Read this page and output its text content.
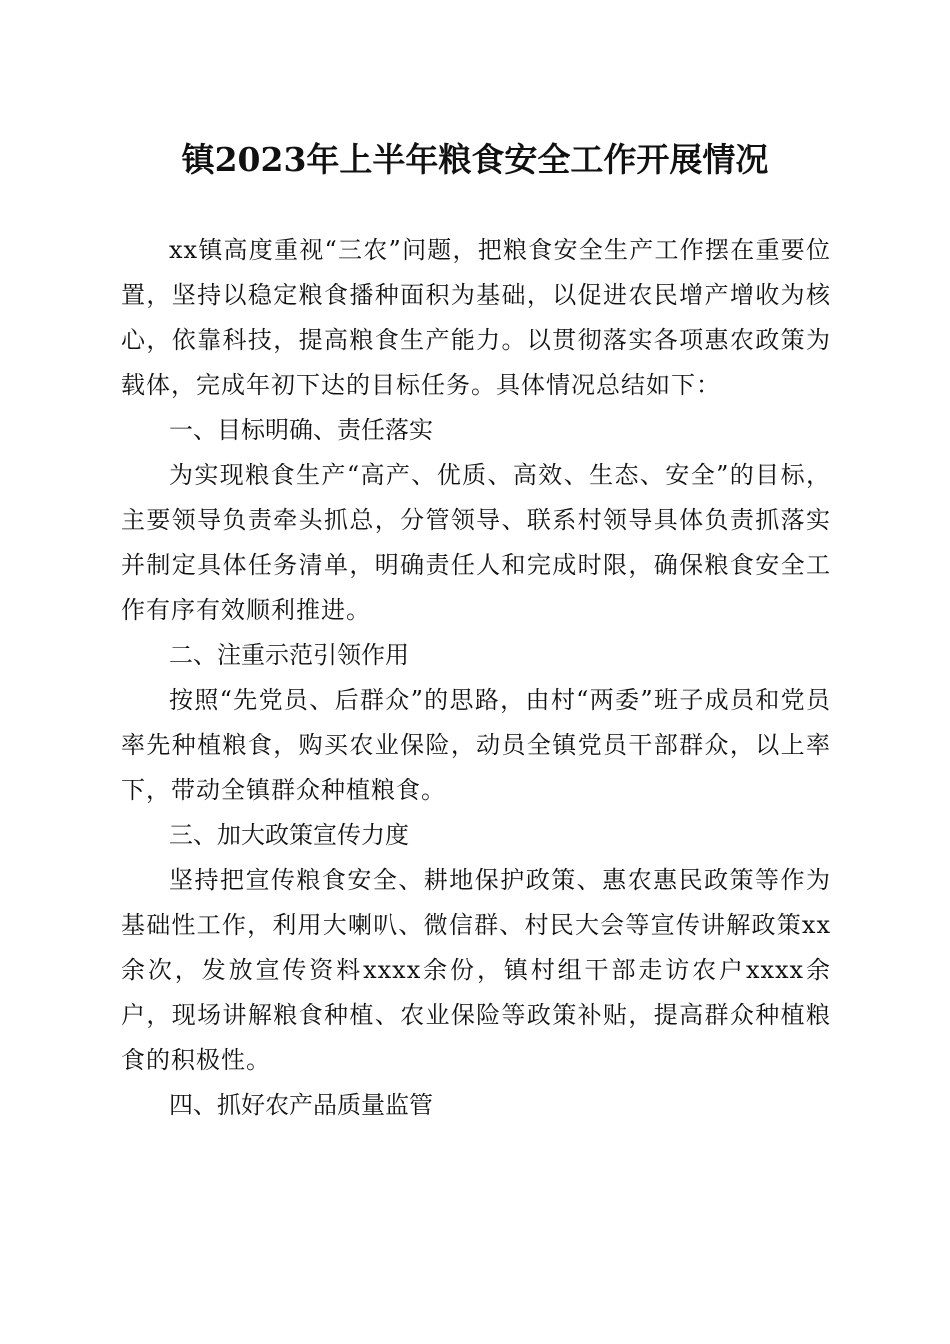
镇2023年上半年粮食安全工作开展情况

xx镇高度重视“三农”问题，把粮食安全生产工作摆在重要位置，坚持以稳定粮食播种面积为基础，以促进农民增产增收为核心，依靠科技，提高粮食生产能力。以贯彻落实各项惠农政策为载体，完成年初下达的目标任务。具体情况总结如下：

一、目标明确、责任落实

为实现粮食生产“高产、优质、高效、生态、安全”的目标，主要领导负责牵头抓总，分管领导、联系村领导具体负责抓落实并制定具体任务清单，明确责任人和完成时限，确保粮食安全工作有序有效顺利推进。

二、注重示范引领作用

按照“先党员、后群众”的思路，由村“两委”班子成员和党员率先种植粮食，购买农业保险，动员全镇党员干部群众，以上率下，带动全镇群众种植粮食。

三、加大政策宣传力度

坚持把宣传粮食安全、耕地保护政策、惠农惠民政策等作为基础性工作，利用大喇叭、微信群、村民大会等宣传讲解政策xx余次，发放宣传资料xxxx余份，镇村组干部走访农户xxxx余户，现场讲解粮食种植、农业保险等政策补贴，提高群众种植粮食的积极性。

四、抓好农产品质量监管
